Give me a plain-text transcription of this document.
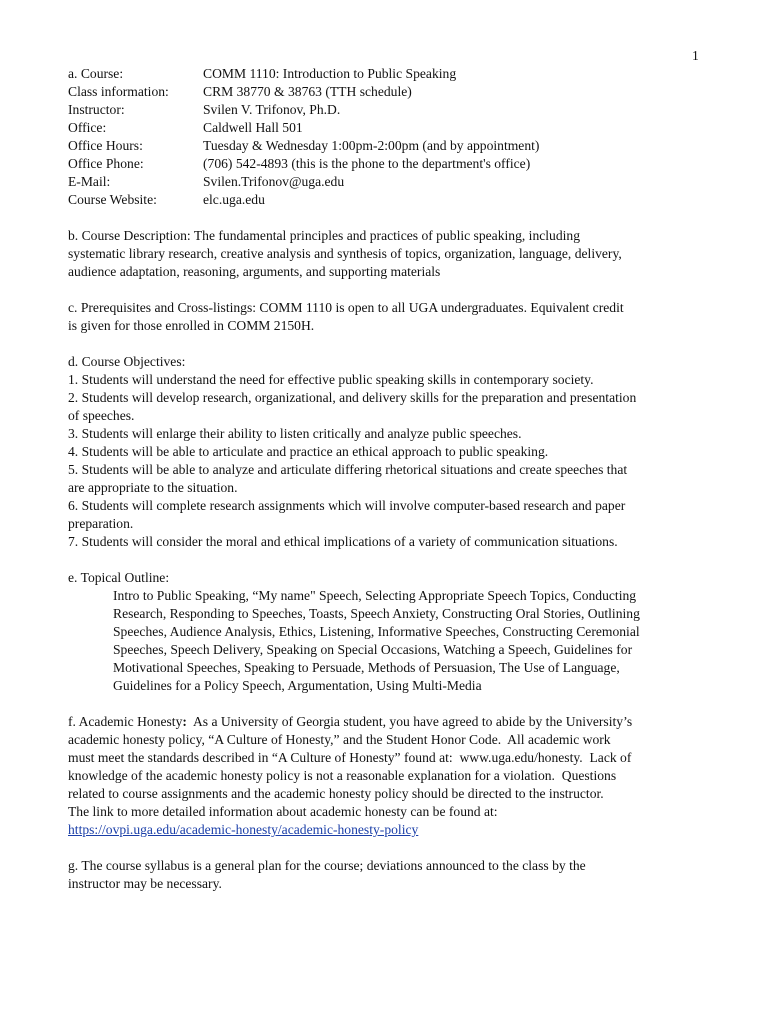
1
a. Course:	COMM 1110: Introduction to Public Speaking
Class information:	CRM 38770 & 38763 (TTH schedule)
Instructor:	Svilen V. Trifonov, Ph.D.
Office:	Caldwell Hall 501
Office Hours:	Tuesday & Wednesday 1:00pm-2:00pm (and by appointment)
Office Phone:	(706) 542-4893 (this is the phone to the department's office)
E-Mail:	Svilen.Trifonov@uga.edu
Course Website:	elc.uga.edu

b. Course Description: The fundamental principles and practices of public speaking, including

systematic library research, creative analysis and synthesis of topics, organization, language, delivery,

audience adaptation, reasoning, arguments, and supporting materials

c. Prerequisites and Cross-listings: COMM 1110 is open to all UGA undergraduates. Equivalent credit

is given for those enrolled in COMM 2150H.

d. Course Objectives:

1. Students will understand the need for effective public speaking skills in contemporary society.

2. Students will develop research, organizational, and delivery skills for the preparation and presentation

of speeches.

3. Students will enlarge their ability to listen critically and analyze public speeches.

4. Students will be able to articulate and practice an ethical approach to public speaking.

5. Students will be able to analyze and articulate differing rhetorical situations and create speeches that

are appropriate to the situation.

6. Students will complete research assignments which will involve computer-based research and paper

preparation.

7. Students will consider the moral and ethical implications of a variety of communication situations.

e. Topical Outline:

Intro to Public Speaking, “My name" Speech, Selecting Appropriate Speech Topics, Conducting

Research, Responding to Speeches, Toasts, Speech Anxiety, Constructing Oral Stories, Outlining

Speeches, Audience Analysis, Ethics, Listening, Informative Speeches, Constructing Ceremonial

Speeches, Speech Delivery, Speaking on Special Occasions, Watching a Speech, Guidelines for

Motivational Speeches, Speaking to Persuade, Methods of Persuasion, The Use of Language,

Guidelines for a Policy Speech, Argumentation, Using Multi-Media

f. Academic Honesty:  As a University of Georgia student, you have agreed to abide by the University’s

academic honesty policy, “A Culture of Honesty,” and the Student Honor Code.  All academic work

must meet the standards described in “A Culture of Honesty” found at:  www.uga.edu/honesty.  Lack of

knowledge of the academic honesty policy is not a reasonable explanation for a violation.  Questions

related to course assignments and the academic honesty policy should be directed to the instructor.

The link to more detailed information about academic honesty can be found at:

https://ovpi.uga.edu/academic-honesty/academic-honesty-policy

g. The course syllabus is a general plan for the course; deviations announced to the class by the

instructor may be necessary.
